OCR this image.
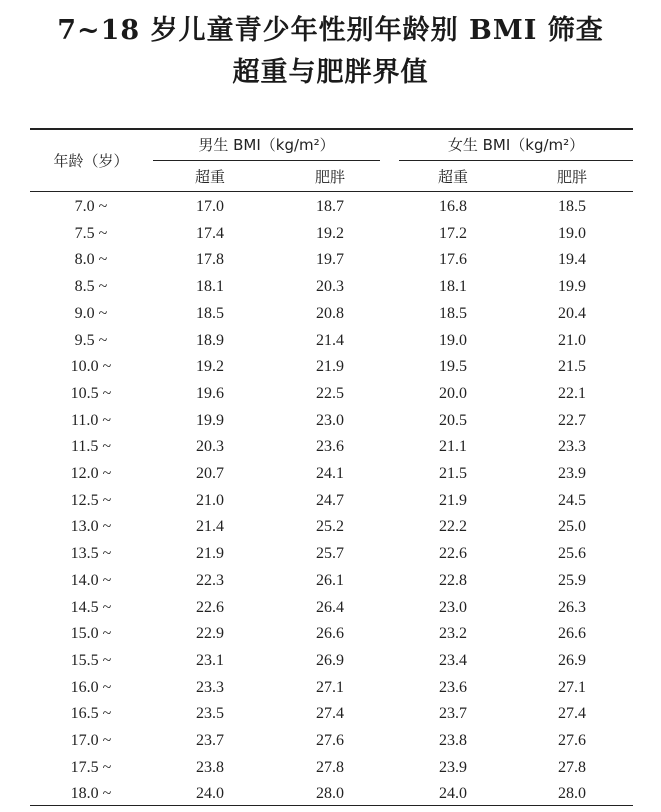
7~18 岁儿童青少年性别年龄别 BMI 筛查
超重与肥胖界值
年龄（岁）
男生 BMI（kg/m²）	女生 BMI（kg/m²）
超重	肥胖	超重	肥胖
7.0 ~	17.0	18.7	16.8	18.5
7.5 ~	17.4	19.2	17.2	19.0
8.0 ~	17.8	19.7	17.6	19.4
8.5 ~	18.1	20.3	18.1	19.9
9.0 ~	18.5	20.8	18.5	20.4
9.5 ~	18.9	21.4	19.0	21.0
10.0 ~	19.2	21.9	19.5	21.5
10.5 ~	19.6	22.5	20.0	22.1
11.0 ~	19.9	23.0	20.5	22.7
11.5 ~	20.3	23.6	21.1	23.3
12.0 ~	20.7	24.1	21.5	23.9
12.5 ~	21.0	24.7	21.9	24.5
13.0 ~	21.4	25.2	22.2	25.0
13.5 ~	21.9	25.7	22.6	25.6
14.0 ~	22.3	26.1	22.8	25.9
14.5 ~	22.6	26.4	23.0	26.3
15.0 ~	22.9	26.6	23.2	26.6
15.5 ~	23.1	26.9	23.4	26.9
16.0 ~	23.3	27.1	23.6	27.1
16.5 ~	23.5	27.4	23.7	27.4
17.0 ~	23.7	27.6	23.8	27.6
17.5 ~	23.8	27.8	23.9	27.8
18.0 ~	24.0	28.0	24.0	28.0
